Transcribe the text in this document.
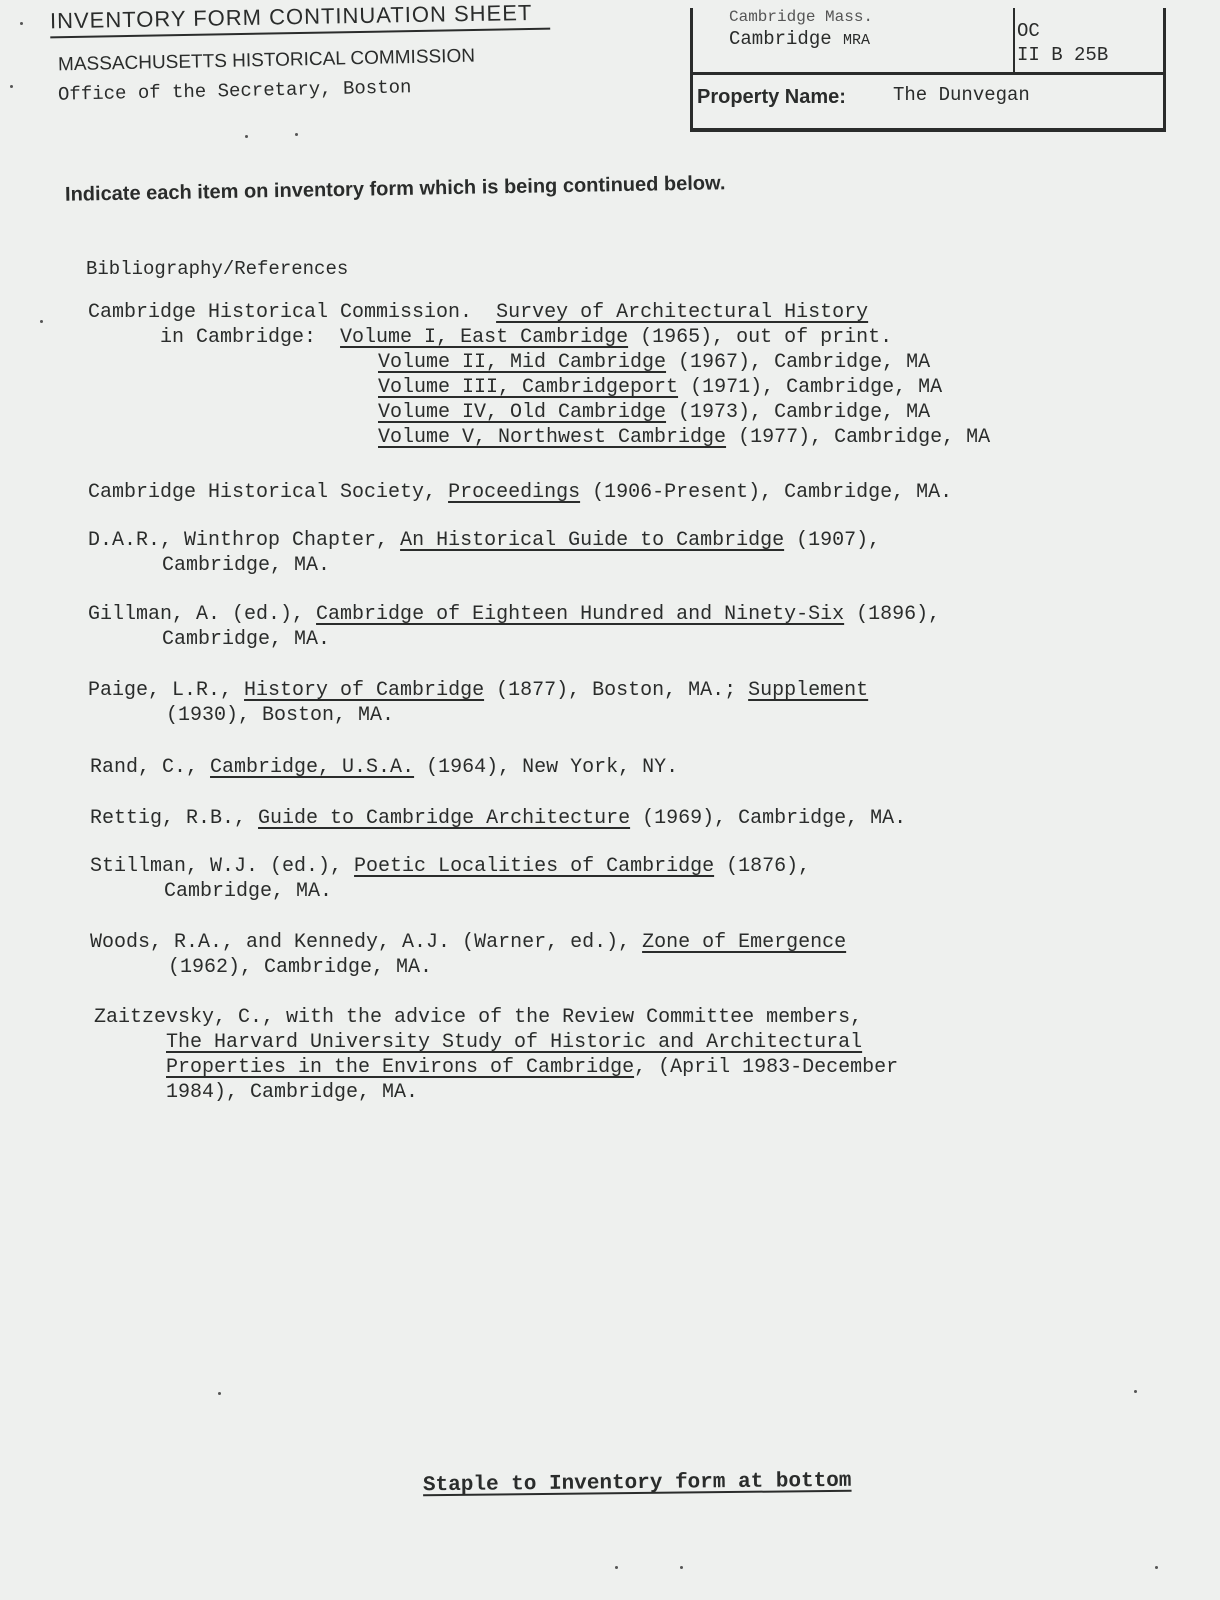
INVENTORY FORM CONTINUATION SHEET
MASSACHUSETTS HISTORICAL COMMISSION
Office of the Secretary, Boston
Cambridge Mass.
Cambridge MRA	OC
II B 25B
Property Name: The Dunvegan
Indicate each item on inventory form which is being continued below.
Bibliography/References
Cambridge Historical Commission. Survey of Architectural History
in Cambridge: Volume I, East Cambridge (1965), out of print.
Volume II, Mid Cambridge (1967), Cambridge, MA
Volume III, Cambridgeport (1971), Cambridge, MA
Volume IV, Old Cambridge (1973), Cambridge, MA
Volume V, Northwest Cambridge (1977), Cambridge, MA
Cambridge Historical Society, Proceedings (1906-Present), Cambridge, MA.
D.A.R., Winthrop Chapter, An Historical Guide to Cambridge (1907),
Cambridge, MA.
Gillman, A. (ed.), Cambridge of Eighteen Hundred and Ninety-Six (1896),
Cambridge, MA.
Paige, L.R., History of Cambridge (1877), Boston, MA.; Supplement
(1930), Boston, MA.
Rand, C., Cambridge, U.S.A. (1964), New York, NY.
Rettig, R.B., Guide to Cambridge Architecture (1969), Cambridge, MA.
Stillman, W.J. (ed.), Poetic Localities of Cambridge (1876),
Cambridge, MA.
Woods, R.A., and Kennedy, A.J. (Warner, ed.), Zone of Emergence
(1962), Cambridge, MA.
Zaitzevsky, C., with the advice of the Review Committee members,
The Harvard University Study of Historic and Architectural
Properties in the Environs of Cambridge, (April 1983-December
1984), Cambridge, MA.
Staple to Inventory form at bottom
